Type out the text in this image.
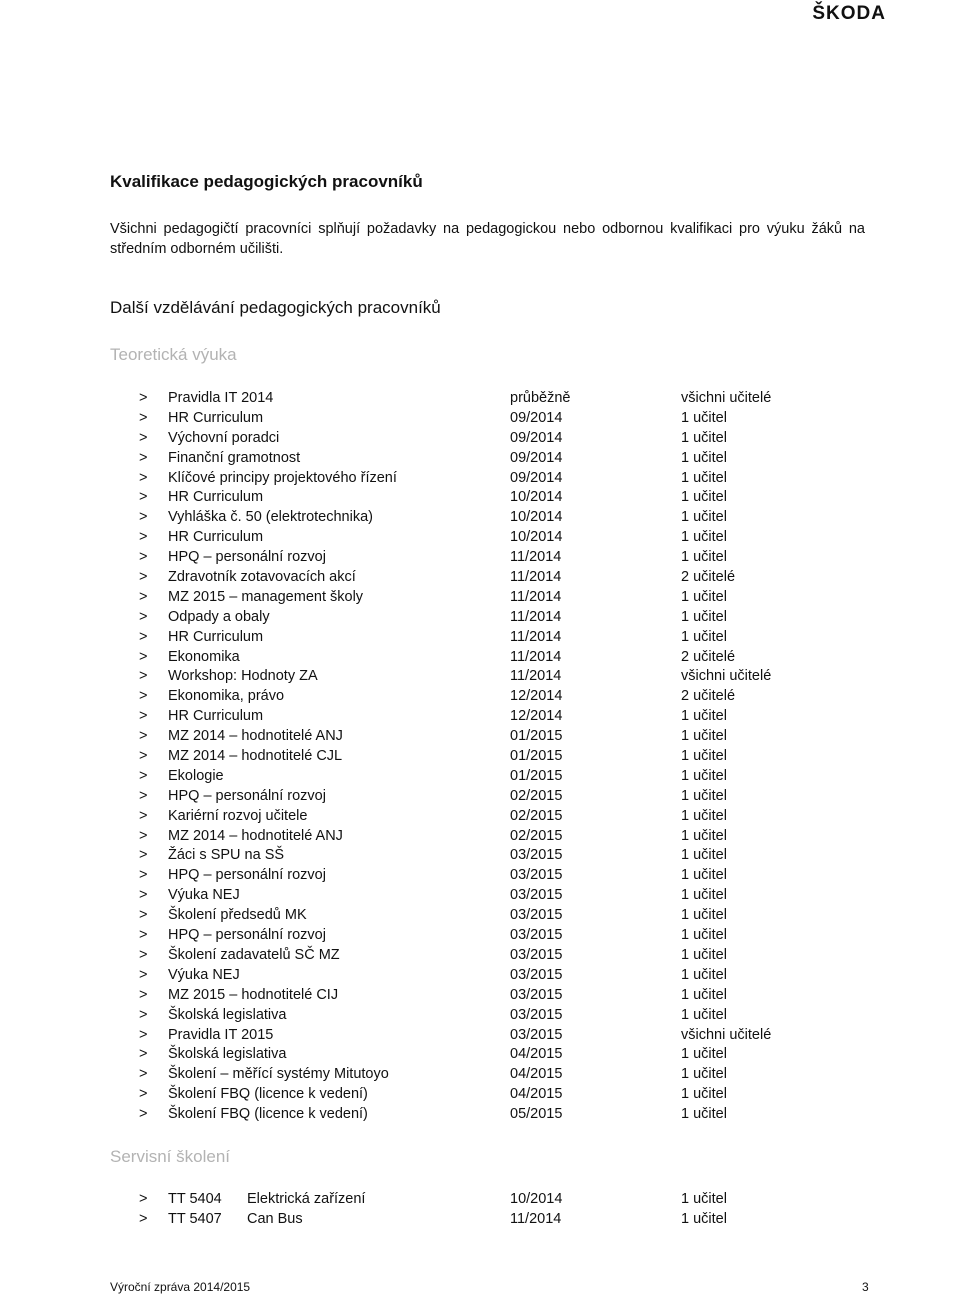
ŠKODA
Kvalifikace pedagogických pracovníků

Všichni pedagogičtí pracovníci splňují požadavky na pedagogickou nebo odbornou kvalifikaci pro výuku žáků na středním odborném učilišti.

Další vzdělávání pedagogických pracovníků
Teoretická výuka
> Pravidla IT 2014	průběžně	všichni učitelé
> HR Curriculum	09/2014	1 učitel
> Výchovní poradci	09/2014	1 učitel
> Finanční gramotnost	09/2014	1 učitel
> Klíčové principy projektového řízení	09/2014	1 učitel
> HR Curriculum	10/2014	1 učitel
> Vyhláška č. 50 (elektrotechnika)	10/2014	1 učitel
> HR Curriculum	10/2014	1 učitel
> HPQ – personální rozvoj	11/2014	1 učitel
> Zdravotník zotavovacích akcí	11/2014	2 učitelé
> MZ 2015 – management školy	11/2014	1 učitel
> Odpady a obaly	11/2014	1 učitel
> HR Curriculum	11/2014	1 učitel
> Ekonomika	11/2014	2 učitelé
> Workshop: Hodnoty ZA	11/2014	všichni učitelé
> Ekonomika, právo	12/2014	2 učitelé
> HR Curriculum	12/2014	1 učitel
> MZ 2014 – hodnotitelé ANJ	01/2015	1 učitel
> MZ 2014 – hodnotitelé CJL	01/2015	1 učitel
> Ekologie	01/2015	1 učitel
> HPQ – personální rozvoj	02/2015	1 učitel
> Kariérní rozvoj učitele	02/2015	1 učitel
> MZ 2014 – hodnotitelé ANJ	02/2015	1 učitel
> Žáci s SPU na SŠ	03/2015	1 učitel
> HPQ – personální rozvoj	03/2015	1 učitel
> Výuka NEJ	03/2015	1 učitel
> Školení předsedů MK	03/2015	1 učitel
> HPQ – personální rozvoj	03/2015	1 učitel
> Školení zadavatelů SČ MZ	03/2015	1 učitel
> Výuka NEJ	03/2015	1 učitel
> MZ 2015 – hodnotitelé CIJ	03/2015	1 učitel
> Školská legislativa	03/2015	1 učitel
> Pravidla IT 2015	03/2015	všichni učitelé
> Školská legislativa	04/2015	1 učitel
> Školení – měřící systémy Mitutoyo	04/2015	1 učitel
> Školení FBQ (licence k vedení)	04/2015	1 učitel
> Školení FBQ (licence k vedení)	05/2015	1 učitel
Servisní školení
> TT 5404 Elektrická zařízení	10/2014	1 učitel
> TT 5407 Can Bus	11/2014	1 učitel
Výroční zpráva 2014/2015	3
